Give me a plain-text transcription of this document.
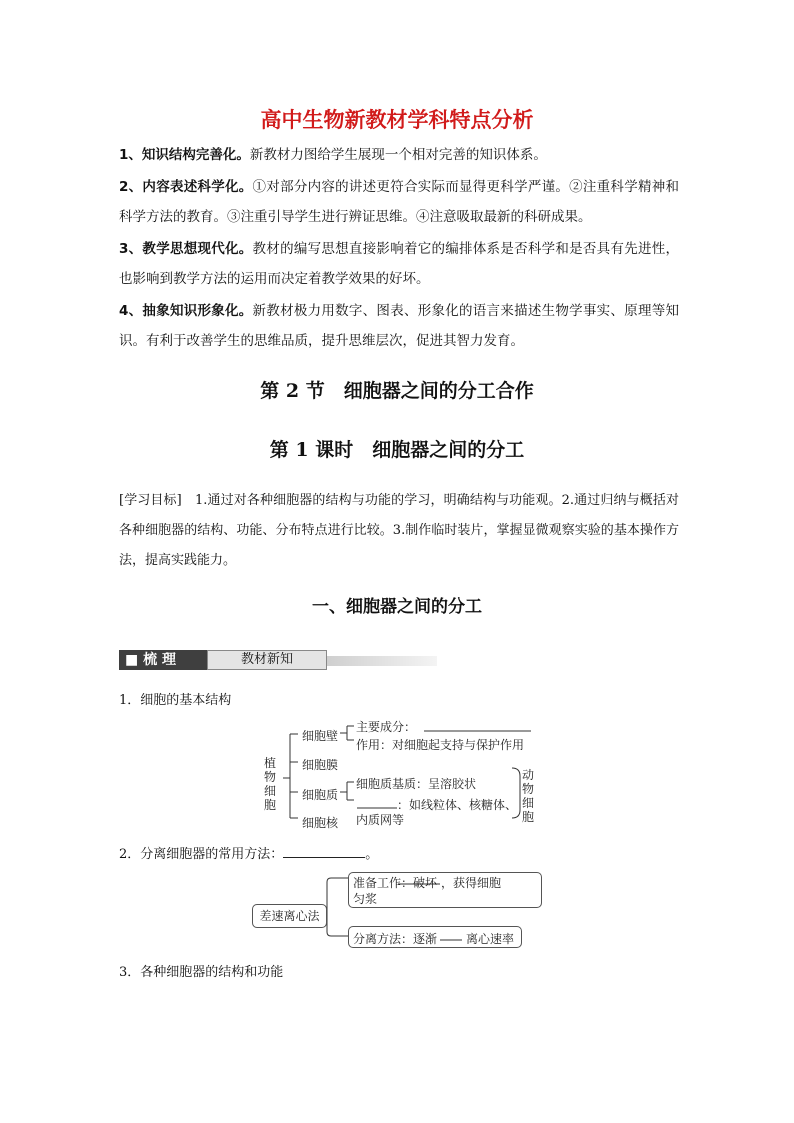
高中生物新教材学科特点分析
1、知识结构完善化。新教材力图给学生展现一个相对完善的知识体系。
2、内容表述科学化。①对部分内容的讲述更符合实际而显得更科学严谨。②注重科学精神和科学方法的教育。③注重引导学生进行辨证思维。④注意吸取最新的科研成果。
3、教学思想现代化。教材的编写思想直接影响着它的编排体系是否科学和是否具有先进性，也影响到教学方法的运用而决定着教学效果的好坏。
4、抽象知识形象化。新教材极力用数字、图表、形象化的语言来描述生物学事实、原理等知识。有利于改善学生的思维品质，提升思维层次，促进其智力发育。
第 2 节　细胞器之间的分工合作
第 1 课时　细胞器之间的分工
[学习目标]　1.通过对各种细胞器的结构与功能的学习，明确结构与功能观。2.通过归纳与概括对各种细胞器的结构、功能、分布特点进行比较。3.制作临时装片，掌握显微观察实验的基本操作方法，提高实践能力。
一、细胞器之间的分工
■ 梳 理	教材新知
1．细胞的基本结构
植物细胞
细胞壁
主要成分：
作用：对细胞起支持与保护作用
细胞膜
细胞质
细胞质基质：呈溶胶状
：如线粒体、核糖体、
内质网等
细胞核
动物细胞
2．分离细胞器的常用方法：	。
差速离心法
准备工作：破坏 ，获得细胞
匀浆
分离方法：逐渐 离心速率
3．各种细胞器的结构和功能
